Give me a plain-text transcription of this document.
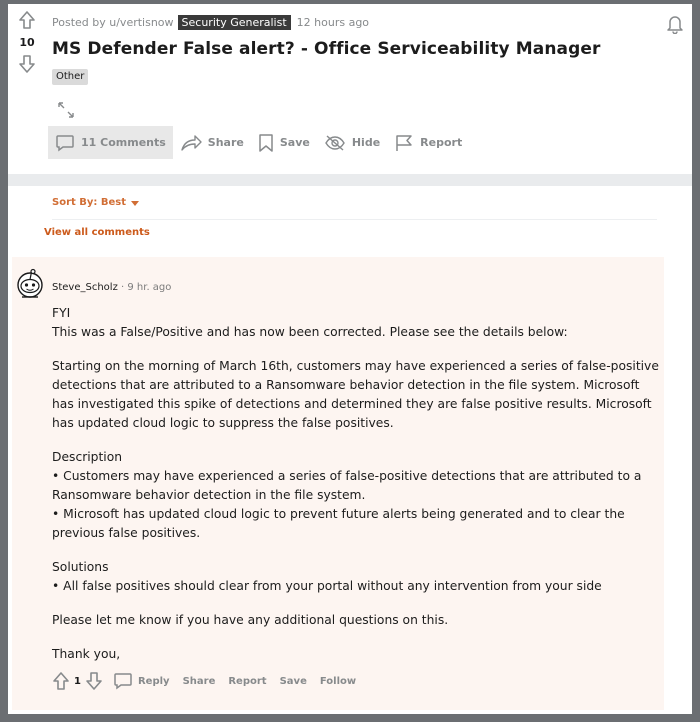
10
Posted by u/vertisnow Security Generalist 12 hours ago
MS Defender False alert? - Office Serviceability Manager
Other
11 Comments	Share	Save	Hide	Report
Sort By: Best
View all comments
Steve_Scholz · 9 hr. ago

FYI

This was a False/Positive and has now been corrected. Please see the details below:

Starting on the morning of March 16th, customers may have experienced a series of false-positive detections that are attributed to a Ransomware behavior detection in the file system. Microsoft has investigated this spike of detections and determined they are false positive results. Microsoft has updated cloud logic to suppress the false positives.

Description

• Customers may have experienced a series of false-positive detections that are attributed to a Ransomware behavior detection in the file system.

• Microsoft has updated cloud logic to prevent future alerts being generated and to clear the previous false positives.

Solutions

• All false positives should clear from your portal without any intervention from your side

Please let me know if you have any additional questions on this.

Thank you,

1	Reply Share Report Save Follow
